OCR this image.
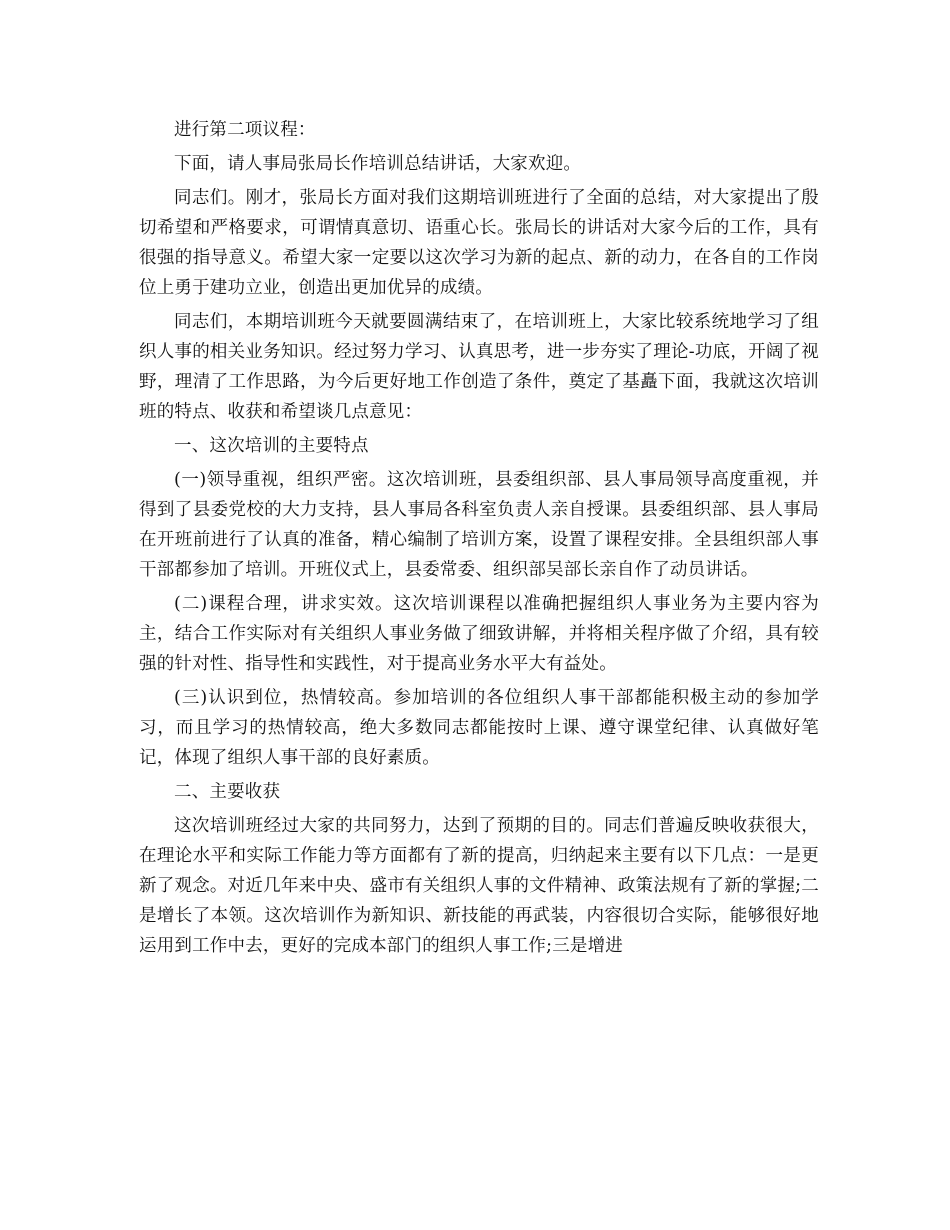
进行第二项议程：

下面，请人事局张局长作培训总结讲话，大家欢迎。

同志们。刚才，张局长方面对我们这期培训班进行了全面的总结，对大家提出了殷切希望和严格要求，可谓情真意切、语重心长。张局长的讲话对大家今后的工作，具有很强的指导意义。希望大家一定要以这次学习为新的起点、新的动力，在各自的工作岗位上勇于建功立业，创造出更加优异的成绩。

同志们，本期培训班今天就要圆满结束了，在培训班上，大家比较系统地学习了组织人事的相关业务知识。经过努力学习、认真思考，进一步夯实了理论-功底，开阔了视野，理清了工作思路，为今后更好地工作创造了条件，奠定了基矗下面，我就这次培训班的特点、收获和希望谈几点意见：

一、这次培训的主要特点

(一)领导重视，组织严密。这次培训班，县委组织部、县人事局领导高度重视，并得到了县委党校的大力支持，县人事局各科室负责人亲自授课。县委组织部、县人事局在开班前进行了认真的准备，精心编制了培训方案，设置了课程安排。全县组织部人事干部都参加了培训。开班仪式上，县委常委、组织部吴部长亲自作了动员讲话。

(二)课程合理，讲求实效。这次培训课程以准确把握组织人事业务为主要内容为主，结合工作实际对有关组织人事业务做了细致讲解，并将相关程序做了介绍，具有较强的针对性、指导性和实践性，对于提高业务水平大有益处。

(三)认识到位，热情较高。参加培训的各位组织人事干部都能积极主动的参加学习，而且学习的热情较高，绝大多数同志都能按时上课、遵守课堂纪律、认真做好笔记，体现了组织人事干部的良好素质。

二、主要收获

这次培训班经过大家的共同努力，达到了预期的目的。同志们普遍反映收获很大，在理论水平和实际工作能力等方面都有了新的提高，归纳起来主要有以下几点：一是更新了观念。对近几年来中央、盛市有关组织人事的文件精神、政策法规有了新的掌握;二是增长了本领。这次培训作为新知识、新技能的再武装，内容很切合实际，能够很好地运用到工作中去，更好的完成本部门的组织人事工作;三是增进
